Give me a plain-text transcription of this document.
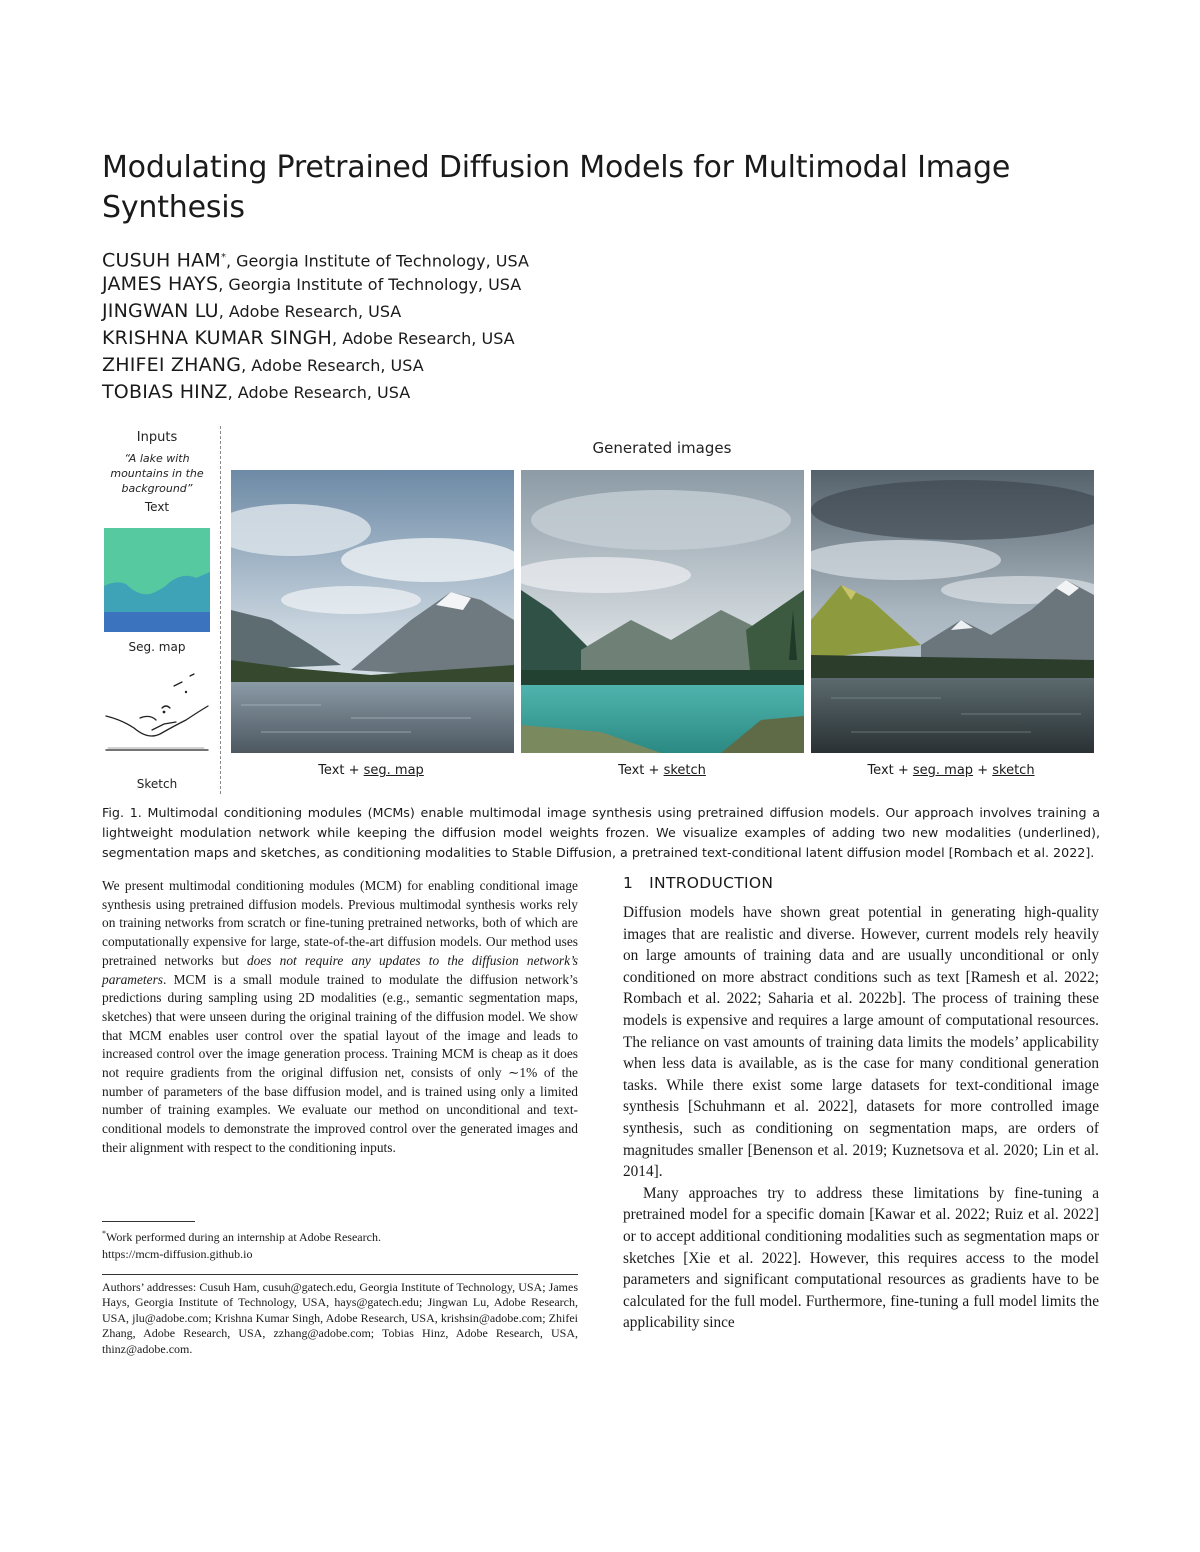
Modulating Pretrained Diffusion Models for Multimodal Image Synthesis
CUSUH HAM*, Georgia Institute of Technology, USA
JAMES HAYS, Georgia Institute of Technology, USA
JINGWAN LU, Adobe Research, USA
KRISHNA KUMAR SINGH, Adobe Research, USA
ZHIFEI ZHANG, Adobe Research, USA
TOBIAS HINZ, Adobe Research, USA
Inputs
“A lake with mountains in the background”
Text
Seg. map
Sketch
Generated images
Text + seg. map	Text + sketch	Text + seg. map + sketch

Fig. 1. Multimodal conditioning modules (MCMs) enable multimodal image synthesis using pretrained diffusion models. Our approach involves training a lightweight modulation network while keeping the diffusion model weights frozen. We visualize examples of adding two new modalities (underlined), segmentation maps and sketches, as conditioning modalities to Stable Diffusion, a pretrained text-conditional latent diffusion model [Rombach et al. 2022].

We present multimodal conditioning modules (MCM) for enabling conditional image synthesis using pretrained diffusion models. Previous multimodal synthesis works rely on training networks from scratch or fine-tuning pretrained networks, both of which are computationally expensive for large, state-of-the-art diffusion models. Our method uses pretrained networks but does not require any updates to the diffusion network’s parameters. MCM is a small module trained to modulate the diffusion network’s predictions during sampling using 2D modalities (e.g., semantic segmentation maps, sketches) that were unseen during the original training of the diffusion model. We show that MCM enables user control over the spatial layout of the image and leads to increased control over the image generation process. Training MCM is cheap as it does not require gradients from the original diffusion net, consists of only ∼1% of the number of parameters of the base diffusion model, and is trained using only a limited number of training examples. We evaluate our method on unconditional and text-conditional models to demonstrate the improved control over the generated images and their alignment with respect to the conditioning inputs.

*Work performed during an internship at Adobe Research.
https://mcm-diffusion.github.io

Authors’ addresses: Cusuh Ham, cusuh@gatech.edu, Georgia Institute of Technology, USA; James Hays, Georgia Institute of Technology, USA, hays@gatech.edu; Jingwan Lu, Adobe Research, USA, jlu@adobe.com; Krishna Kumar Singh, Adobe Research, USA, krishsin@adobe.com; Zhifei Zhang, Adobe Research, USA, zzhang@adobe.com; Tobias Hinz, Adobe Research, USA, thinz@adobe.com.

1 INTRODUCTION

Diffusion models have shown great potential in generating high-quality images that are realistic and diverse. However, current models rely heavily on large amounts of training data and are usually unconditional or only conditioned on more abstract conditions such as text [Ramesh et al. 2022; Rombach et al. 2022; Saharia et al. 2022b]. The process of training these models is expensive and requires a large amount of computational resources. The reliance on vast amounts of training data limits the models’ applicability when less data is available, as is the case for many conditional generation tasks. While there exist some large datasets for text-conditional image synthesis [Schuhmann et al. 2022], datasets for more controlled image synthesis, such as conditioning on segmentation maps, are orders of magnitudes smaller [Benenson et al. 2019; Kuznetsova et al. 2020; Lin et al. 2014].

Many approaches try to address these limitations by fine-tuning a pretrained model for a specific domain [Kawar et al. 2022; Ruiz et al. 2022] or to accept additional conditioning modalities such as segmentation maps or sketches [Xie et al. 2022]. However, this requires access to the model parameters and significant computational resources as gradients have to be calculated for the full model. Furthermore, fine-tuning a full model limits the applicability since
